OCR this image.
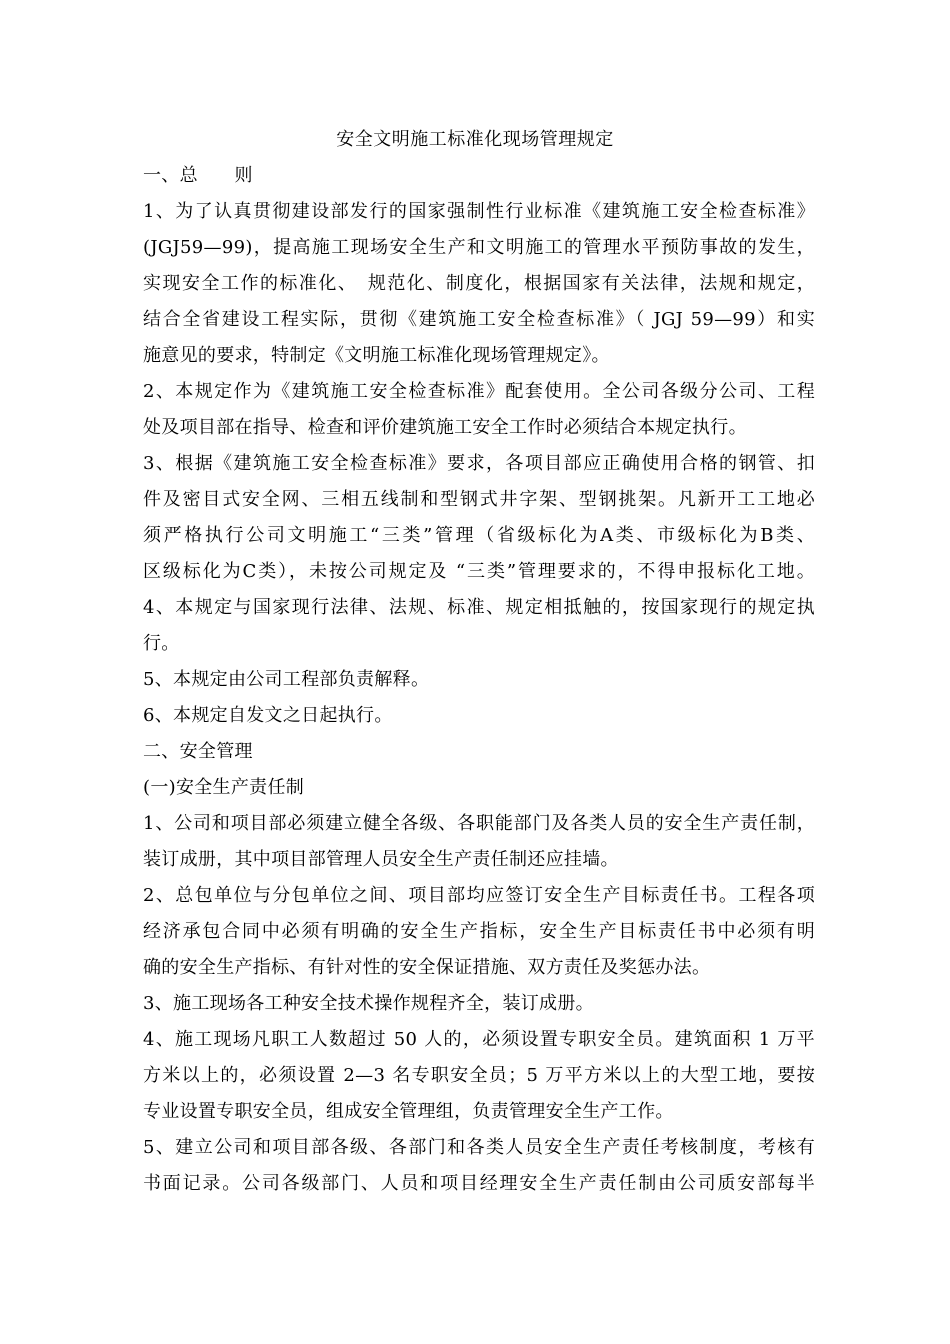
安全文明施工标准化现场管理规定
一、总　　则
1、为了认真贯彻建设部发行的国家强制性行业标准《建筑施工安全检查标准》
(JGJ59—99)，提高施工现场安全生产和文明施工的管理水平预防事故的发生，
实现安全工作的标准化、　规范化、制度化，根据国家有关法律，法规和规定，
结合全省建设工程实际，贯彻《建筑施工安全检查标准》（ JGJ 59—99）和实
施意见的要求，特制定《文明施工标准化现场管理规定》。
2、本规定作为《建筑施工安全检查标准》配套使用。全公司各级分公司、工程
处及项目部在指导、检查和评价建筑施工安全工作时必须结合本规定执行。
3、根据《建筑施工安全检查标准》要求，各项目部应正确使用合格的钢管、扣
件及密目式安全网、三相五线制和型钢式井字架、型钢挑架。凡新开工工地必
须严格执行公司文明施工“三类”管理（省级标化为A类、市级标化为B类、
区级标化为C类），未按公司规定及 “三类”管理要求的，不得申报标化工地。
4、本规定与国家现行法律、法规、标准、规定相抵触的，按国家现行的规定执
行。
5、本规定由公司工程部负责解释。
6、本规定自发文之日起执行。
二、安全管理
(一)安全生产责任制
1、公司和项目部必须建立健全各级、各职能部门及各类人员的安全生产责任制，
装订成册，其中项目部管理人员安全生产责任制还应挂墙。
2、总包单位与分包单位之间、项目部均应签订安全生产目标责任书。工程各项
经济承包合同中必须有明确的安全生产指标，安全生产目标责任书中必须有明
确的安全生产指标、有针对性的安全保证措施、双方责任及奖惩办法。
3、施工现场各工种安全技术操作规程齐全，装订成册。
4、施工现场凡职工人数超过 50 人的，必须设置专职安全员。建筑面积 1 万平
方米以上的，必须设置 2—3 名专职安全员；5 万平方米以上的大型工地，要按
专业设置专职安全员，组成安全管理组，负责管理安全生产工作。
5、建立公司和项目部各级、各部门和各类人员安全生产责任考核制度，考核有
书面记录。公司各级部门、人员和项目经理安全生产责任制由公司质安部每半
